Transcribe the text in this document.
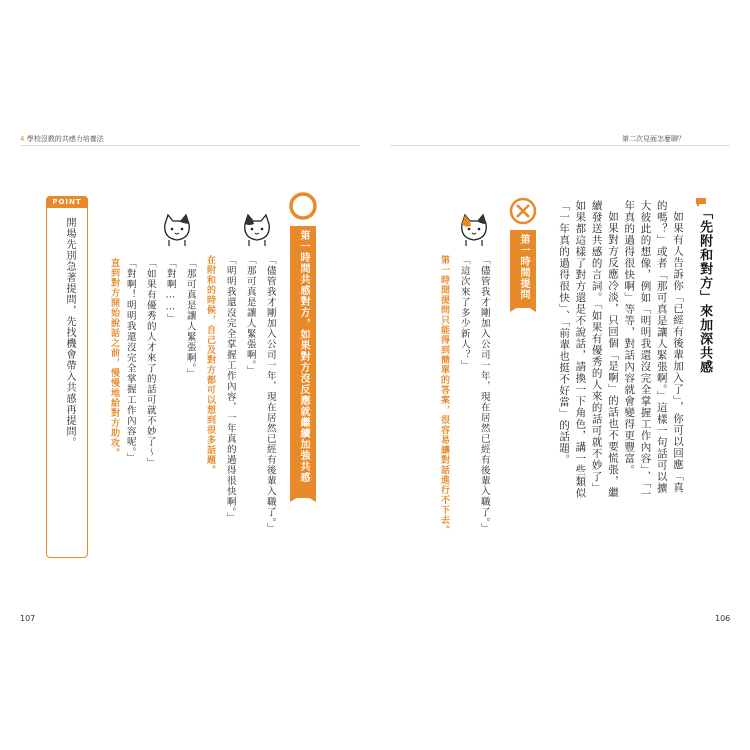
4 學校沒教的共感力培養法
POINT
開場先別急著提問，先找機會帶入共感再提問。	直到對方開始說話之前，慢慢地給對方助攻。 「對啊！明明我還沒完全掌握工作內容呢。」 「如果有優秀的人才來了的話可就不妙了～」 「對啊……」 「那可真是讓人緊張啊。」	在附和的時候，自己及對方都可以想到很多話題。 「明明我還沒完全掌握工作內容，一年真的過得很快啊。」 「那可真是讓人緊張啊。」 「儘管我才剛加入公司一年，現在居然已經有後輩入職了。」	第一時間共感對方，如果對方沒反應就繼續加強共感
107
第二次見面怎麼聊？
「先附和對方」來加深共感
第一時間提問
「儘管我才剛加入公司一年，現在居然已經有後輩入職了。」
「這次來了多少新人？」
第一時間提問只能得到簡單的答案，很容易讓對話進行不下去。
106

如果有人告訴你「已經有後輩加入了」，你可以回應「真的嗎？」或者「那可真是讓人緊張啊。」這樣一句話可以擴大彼此的想像，例如「明明我還沒完全掌握工作內容」、「一年真的過得很快啊」等等，對話內容就會變得更豐富。

如果對方反應冷淡，只回個「是啊」的話也不要慌張，繼續發送共感的言詞。「如果有優秀的人來的話可就不妙了」如果都這樣了對方還是不說話，請換一下角色，講一些類似「一年真的過得很快」、「前輩也挺不好當」的話題。
